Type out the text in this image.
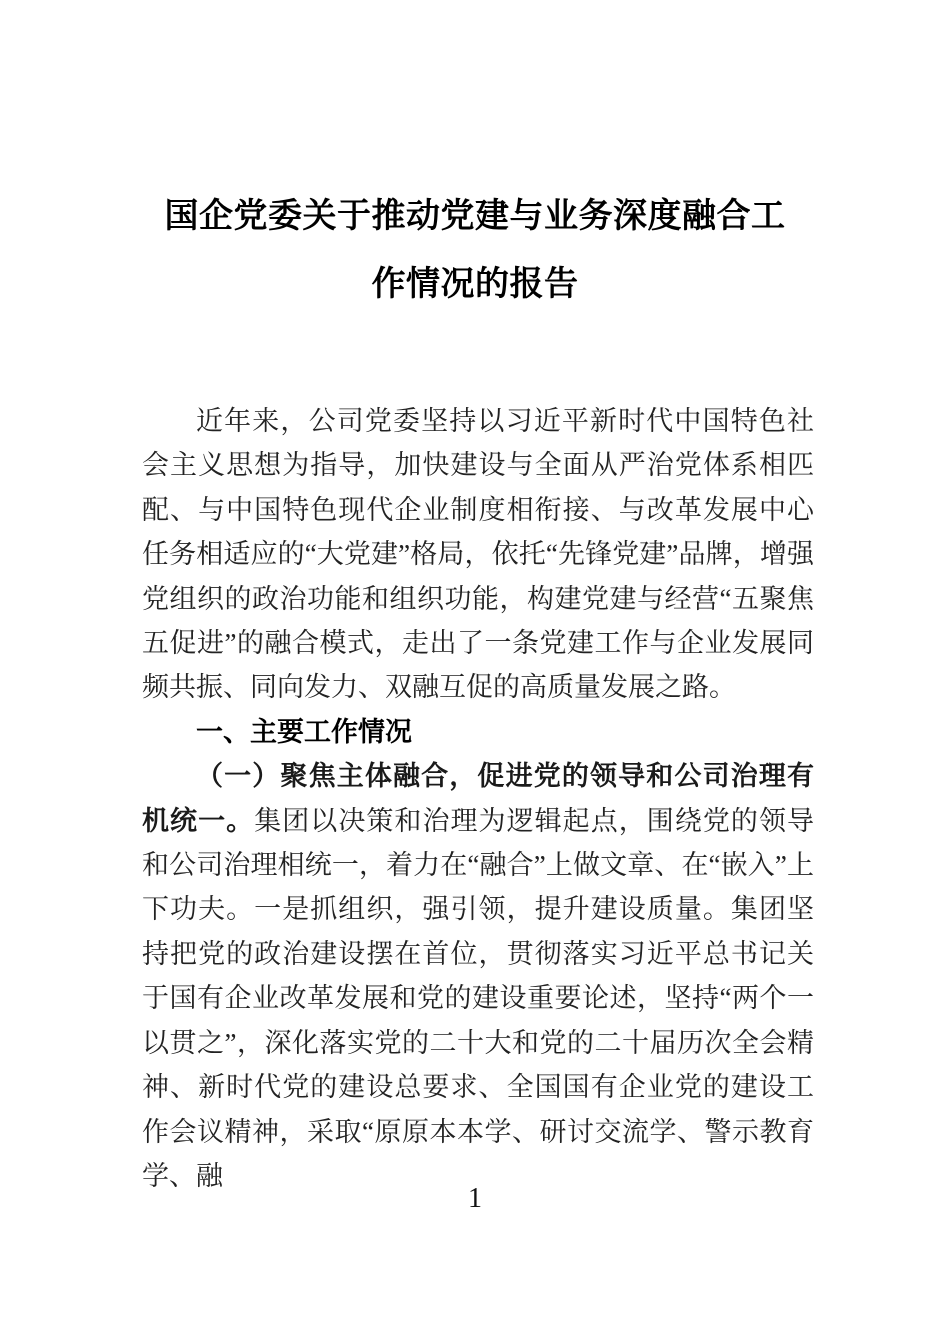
国企党委关于推动党建与业务深度融合工
作情况的报告

近年来，公司党委坚持以习近平新时代中国特色社会主义思想为指导，加快建设与全面从严治党体系相匹配、与中国特色现代企业制度相衔接、与改革发展中心任务相适应的“大党建”格局，依托“先锋党建”品牌，增强党组织的政治功能和组织功能，构建党建与经营“五聚焦五促进”的融合模式，走出了一条党建工作与企业发展同频共振、同向发力、双融互促的高质量发展之路。

一、主要工作情况

（一）聚焦主体融合，促进党的领导和公司治理有机统一。集团以决策和治理为逻辑起点，围绕党的领导和公司治理相统一，着力在“融合”上做文章、在“嵌入”上下功夫。一是抓组织，强引领，提升建设质量。集团坚持把党的政治建设摆在首位，贯彻落实习近平总书记关于国有企业改革发展和党的建设重要论述，坚持“两个一以贯之”，深化落实党的二十大和党的二十届历次全会精神、新时代党的建设总要求、全国国有企业党的建设工作会议精神，采取“原原本本学、研讨交流学、警示教育学、融

1
